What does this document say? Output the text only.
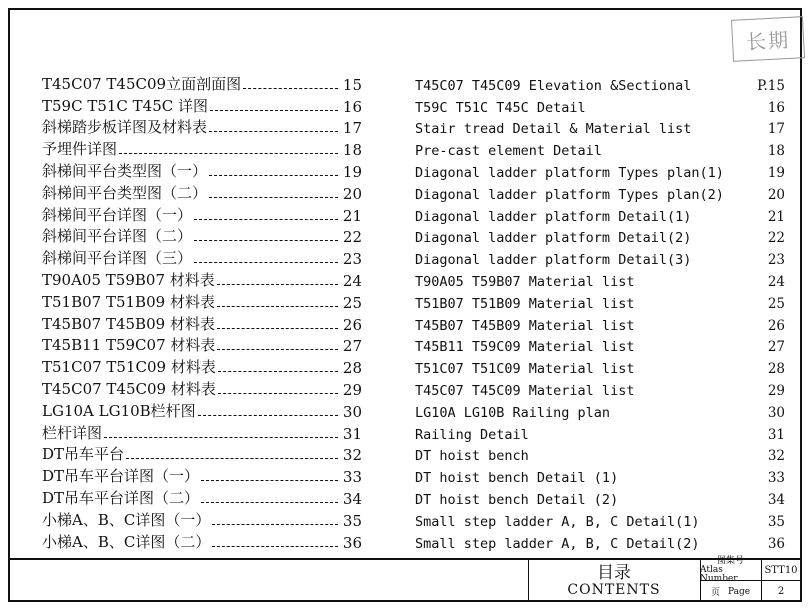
长期
T45C07 T45C09立面剖面图	15
T59C T51C T45C 详图	16
斜梯踏步板详图及材料表	17
予埋件详图	18
斜梯间平台类型图（一）	19
斜梯间平台类型图（二）	20
斜梯间平台详图（一）	21
斜梯间平台详图（二）	22
斜梯间平台详图（三）	23
T90A05 T59B07 材料表	24
T51B07 T51B09 材料表	25
T45B07 T45B09 材料表	26
T45B11 T59C07 材料表	27
T51C07 T51C09 材料表	28
T45C07 T45C09 材料表	29
LG10A LG10B栏杆图	30
栏杆详图	31
DT吊车平台	32
DT吊车平台详图（一）	33
DT吊车平台详图（二）	34
小梯A、B、C详图（一）	35
小梯A、B、C详图（二）	36
T45C07 T45C09 Elevation &Sectional	P.15
T59C T51C T45C Detail	16
Stair tread Detail & Material list	17
Pre-cast element Detail	18
Diagonal ladder platform Types plan(1)	19
Diagonal ladder platform Types plan(2)	20
Diagonal ladder platform Detail(1)	21
Diagonal ladder platform Detail(2)	22
Diagonal ladder platform Detail(3)	23
T90A05 T59B07 Material list	24
T51B07 T51B09 Material list	25
T45B07 T45B09 Material list	26
T45B11 T59C09 Material list	27
T51C07 T51C09 Material list	28
T45C07 T45C09 Material list	29
LG10A LG10B Railing plan	30
Railing Detail	31
DT hoist bench	32
DT hoist bench Detail (1)	33
DT hoist bench Detail (2)	34
Small step ladder A, B, C Detail(1)	35
Small step ladder A, B, C Detail(2)	36
目录
CONTENTS
图集号
Atlas Number
STT10
页 Page	2
